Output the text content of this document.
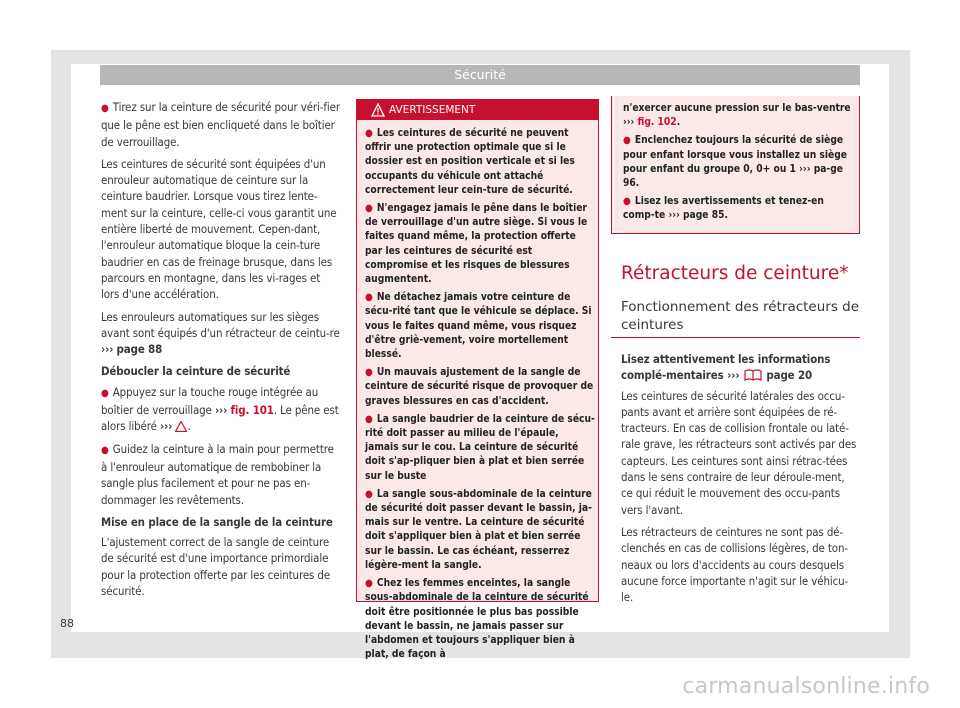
Sécurité

● Tirez sur la ceinture de sécurité pour véri-fier que le pêne est bien encliqueté dans le boîtier de verrouillage.

Les ceintures de sécurité sont équipées d'un enrouleur automatique de ceinture sur la ceinture baudrier. Lorsque vous tirez lente-ment sur la ceinture, celle-ci vous garantit une entière liberté de mouvement. Cepen-dant, l'enrouleur automatique bloque la cein-ture baudrier en cas de freinage brusque, dans les parcours en montagne, dans les vi-rages et lors d'une accélération.

Les enrouleurs automatiques sur les sièges avant sont équipés d'un rétracteur de ceintu-re ››› page 88

Déboucler la ceinture de sécurité

● Appuyez sur la touche rouge intégrée au boîtier de verrouillage ››› fig. 101. Le pêne est alors libéré ››› .

● Guidez la ceinture à la main pour permettre à l'enrouleur automatique de rembobiner la sangle plus facilement et pour ne pas en-dommager les revêtements.

Mise en place de la sangle de la ceinture

L'ajustement correct de la sangle de ceinture de sécurité est d'une importance primordiale pour la protection offerte par les ceintures de sécurité.

AVERTISSEMENT

● Les ceintures de sécurité ne peuvent offrir une protection optimale que si le dossier est en position verticale et si les occupants du véhicule ont attaché correctement leur cein-ture de sécurité.

● N'engagez jamais le pêne dans le boîtier de verrouillage d'un autre siège. Si vous le faites quand même, la protection offerte par les ceintures de sécurité est compromise et les risques de blessures augmentent.

● Ne détachez jamais votre ceinture de sécu-rité tant que le véhicule se déplace. Si vous le faites quand même, vous risquez d'être griè-vement, voire mortellement blessé.

● Un mauvais ajustement de la sangle de ceinture de sécurité risque de provoquer de graves blessures en cas d'accident.

● La sangle baudrier de la ceinture de sécu-rité doit passer au milieu de l'épaule, jamais sur le cou. La ceinture de sécurité doit s'ap-pliquer bien à plat et bien serrée sur le buste

● La sangle sous-abdominale de la ceinture de sécurité doit passer devant le bassin, ja-mais sur le ventre. La ceinture de sécurité doit s'appliquer bien à plat et bien serrée sur le bassin. Le cas échéant, resserrez légère-ment la sangle.

● Chez les femmes enceintes, la sangle sous-abdominale de la ceinture de sécurité doit être positionnée le plus bas possible devant le bassin, ne jamais passer sur l'abdomen et toujours s'appliquer bien à plat, de façon à

n'exercer aucune pression sur le bas-ventre ››› fig. 102.

● Enclenchez toujours la sécurité de siège pour enfant lorsque vous installez un siège pour enfant du groupe 0, 0+ ou 1 ››› pa-ge 96.

● Lisez les avertissements et tenez-en comp-te ››› page 85.

Rétracteurs de ceinture*
Fonctionnement des rétracteurs de ceintures

Lisez attentivement les informations complé-mentaires ››› page 20

Les ceintures de sécurité latérales des occu-pants avant et arrière sont équipées de ré-tracteurs. En cas de collision frontale ou laté-rale grave, les rétracteurs sont activés par des capteurs. Les ceintures sont ainsi rétrac-tées dans le sens contraire de leur déroule-ment, ce qui réduit le mouvement des occu-pants vers l'avant.

Les rétracteurs de ceintures ne sont pas dé-clenchés en cas de collisions légères, de ton-neaux ou lors d'accidents au cours desquels aucune force importante n'agit sur le véhicu-le.

88
carmanualsonline.info
